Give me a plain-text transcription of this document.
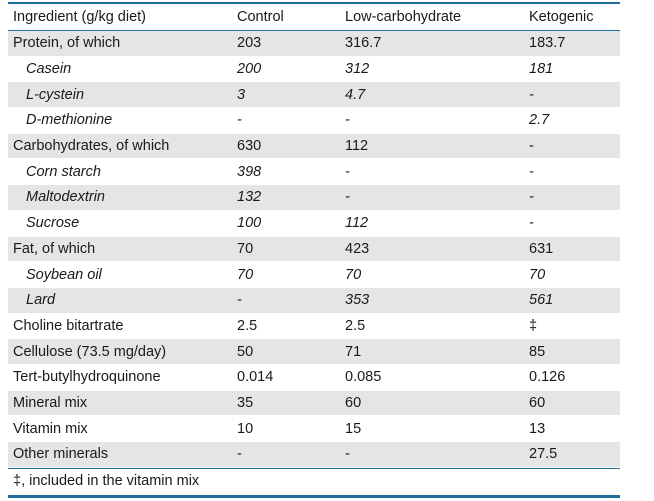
Ingredient (g/kg diet)	Control	Low-carbohydrate	Ketogenic
Protein, of which	203	316.7	183.7
Casein	200	312	181
L-cystein	3	4.7	-
D-methionine	-	-	2.7
Carbohydrates, of which	630	112	-
Corn starch	398	-	-
Maltodextrin	132	-	-
Sucrose	100	112	-
Fat, of which	70	423	631
Soybean oil	70	70	70
Lard	-	353	561
Choline bitartrate	2.5	2.5	‡
Cellulose (73.5 mg/day)	50	71	85
Tert-butylhydroquinone	0.014	0.085	0.126
Mineral mix	35	60	60
Vitamin mix	10	15	13
Other minerals	-	-	27.5
‡, included in the vitamin mix
